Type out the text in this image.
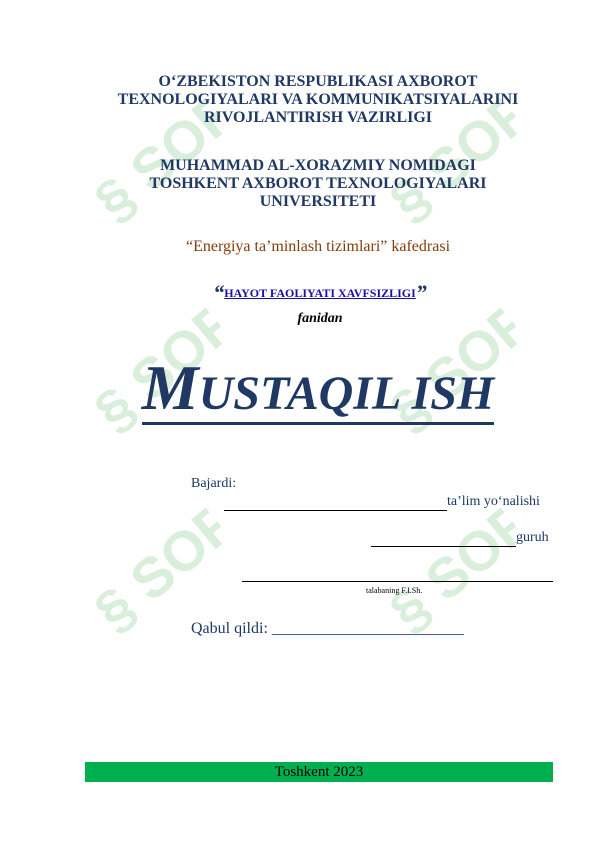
§ SOFF § SOFF
§ SOFF § SOFF
§ SOFF § SOFF
O‘ZBEKISTON RESPUBLIKASI AXBOROT
TEXNOLOGIYALARI VA KOMMUNIKATSIYALARINI
RIVOJLANTIRISH VAZIRLIGI
MUHAMMAD AL-XORAZMIY NOMIDAGI
TOSHKENT AXBOROT TEXNOLOGIYALARI
UNIVERSITETI
“Energiya ta’minlash tizimlari” kafedrasi
“HAYOT FAOLIYATI XAVFSIZLIGI”
fanidan
MUSTAQIL ISH
Bajardi:
ta’lim yo‘nalishi
guruh
talabaning F.I.Sh.
Qabul qildi: ________________________
Toshkent 2023
